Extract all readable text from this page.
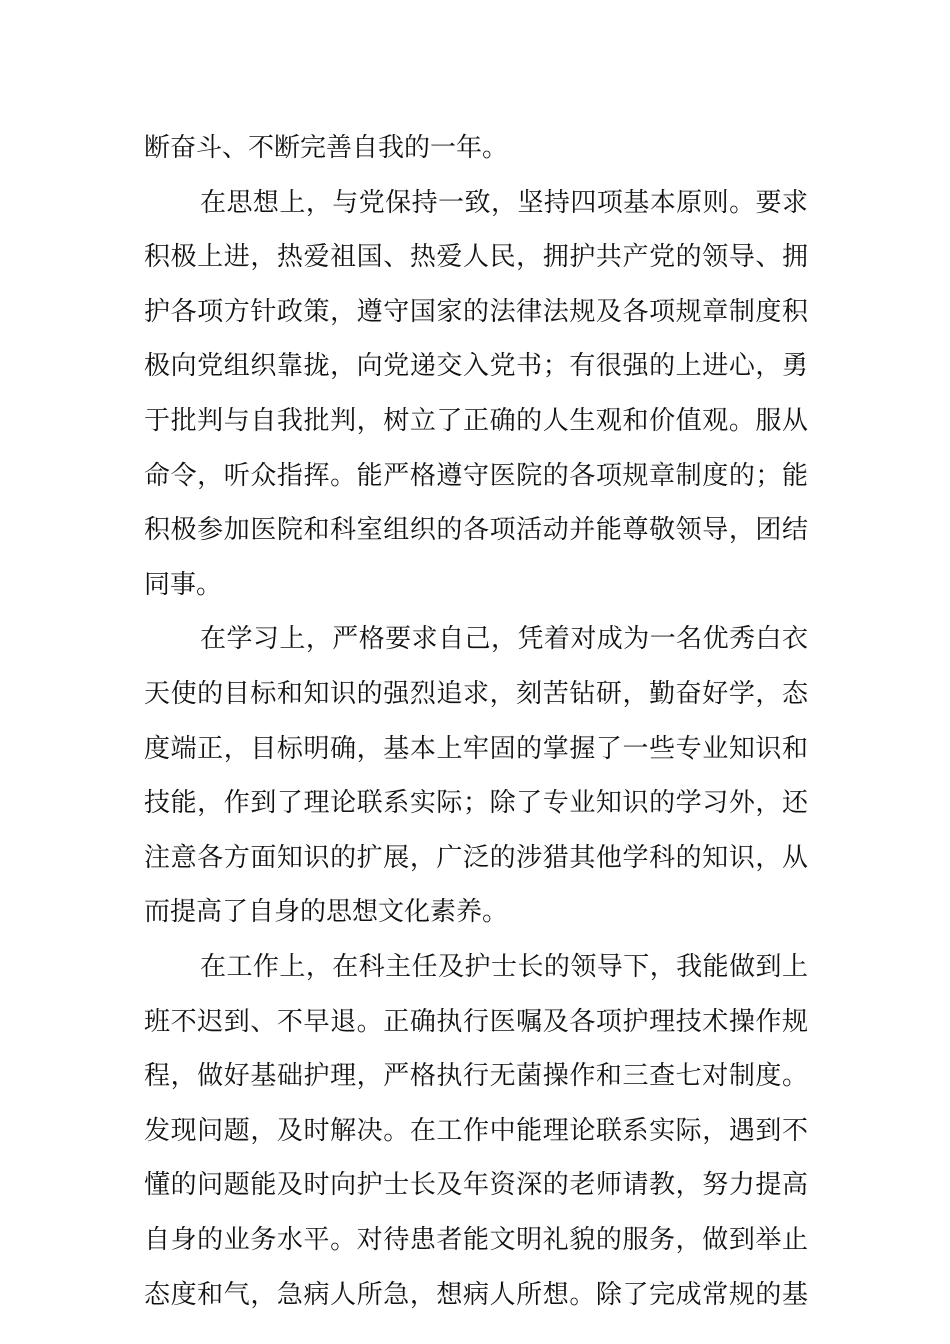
断奋斗、不断完善自我的一年。
在思想上，与党保持一致，坚持四项基本原则。要求
积极上进，热爱祖国、热爱人民，拥护共产党的领导、拥
护各项方针政策，遵守国家的法律法规及各项规章制度积
极向党组织靠拢，向党递交入党书；有很强的上进心，勇
于批判与自我批判，树立了正确的人生观和价值观。服从
命令，听众指挥。能严格遵守医院的各项规章制度的；能
积极参加医院和科室组织的各项活动并能尊敬领导，团结
同事。
在学习上，严格要求自己，凭着对成为一名优秀白衣
天使的目标和知识的强烈追求，刻苦钻研，勤奋好学，态
度端正，目标明确，基本上牢固的掌握了一些专业知识和
技能，作到了理论联系实际；除了专业知识的学习外，还
注意各方面知识的扩展，广泛的涉猎其他学科的知识，从
而提高了自身的思想文化素养。
在工作上，在科主任及护士长的领导下，我能做到上
班不迟到、不早退。正确执行医嘱及各项护理技术操作规
程，做好基础护理，严格执行无菌操作和三查七对制度。
发现问题，及时解决。在工作中能理论联系实际，遇到不
懂的问题能及时向护士长及年资深的老师请教，努力提高
自身的业务水平。对待患者能文明礼貌的服务，做到举止
态度和气，急病人所急，想病人所想。除了完成常规的基
